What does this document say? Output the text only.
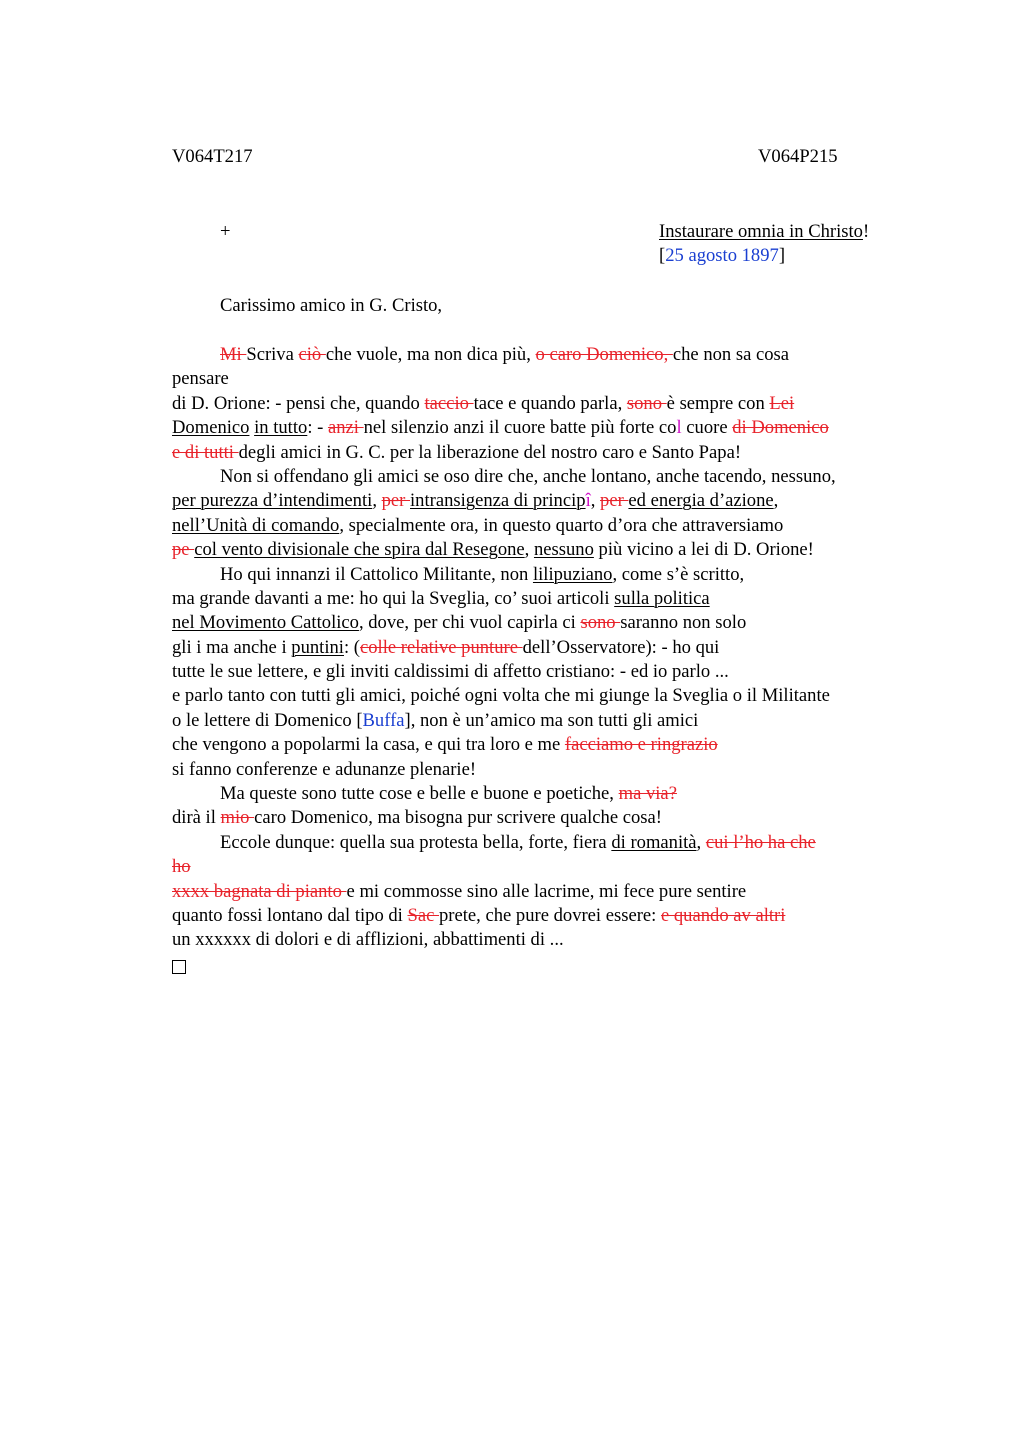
V064T217	V064P215
+	Instaurare omnia in Christo!
[25 agosto 1897]
Carissimo amico in G. Cristo,
Mi Scriva ciò che vuole, ma non dica più, o caro Domenico, che non sa cosa
pensare
di D. Orione: - pensi che, quando taccio tace e quando parla, sono è sempre con Lei
Domenico in tutto: - anzi nel silenzio anzi il cuore batte più forte col cuore di Domenico
e di tutti degli amici in G. C. per la liberazione del nostro caro e Santo Papa!
Non si offendano gli amici se oso dire che, anche lontano, anche tacendo, nessuno,
per purezza d’intendimenti, per intransigenza di principî, per ed energia d’azione,
nell’Unità di comando, specialmente ora, in questo quarto d’ora che attraversiamo
pe col vento divisionale che spira dal Resegone, nessuno più vicino a lei di D. Orione!
Ho qui innanzi il Cattolico Militante, non lilipuziano, come s’è scritto,
ma grande davanti a me: ho qui la Sveglia, co’ suoi articoli sulla politica
nel Movimento Cattolico, dove, per chi vuol capirla ci sono saranno non solo
gli i ma anche i puntini: (colle relative punture dell’Osservatore): - ho qui
tutte le sue lettere, e gli inviti caldissimi di affetto cristiano: - ed io parlo ...
e parlo tanto con tutti gli amici, poiché ogni volta che mi giunge la Sveglia o il Militante
o le lettere di Domenico [Buffa], non è un’amico ma son tutti gli amici
che vengono a popolarmi la casa, e qui tra loro e me facciamo e ringrazio
si fanno conferenze e adunanze plenarie!
Ma queste sono tutte cose e belle e buone e poetiche, ma via?
dirà il mio caro Domenico, ma bisogna pur scrivere qualche cosa!
Eccole dunque: quella sua protesta bella, forte, fiera di romanità, cui l’ho ha che
ho
xxxx bagnata di pianto e mi commosse sino alle lacrime, mi fece pure sentire
quanto fossi lontano dal tipo di Sac prete, che pure dovrei essere: e quando av altri
un xxxxxx di dolori e di afflizioni, abbattimenti di ...
